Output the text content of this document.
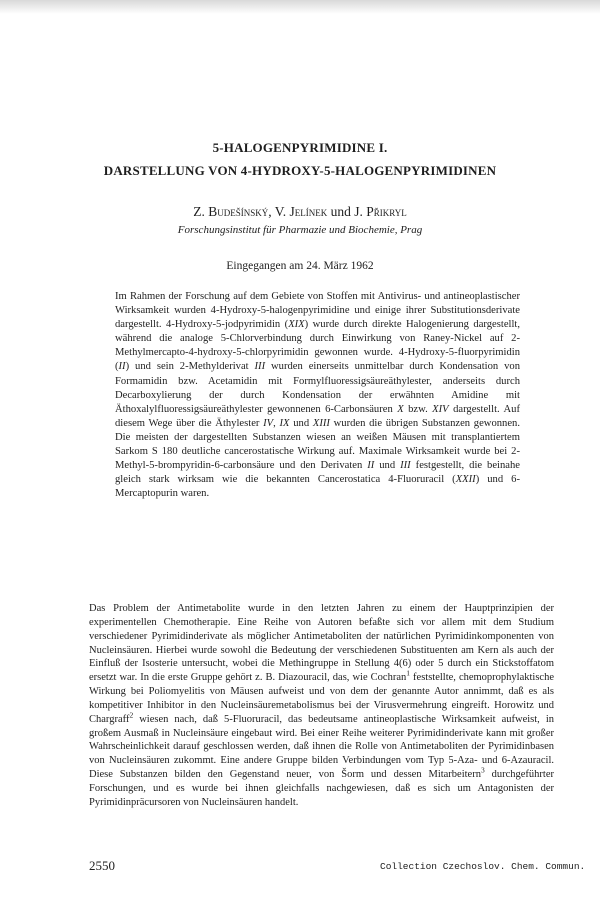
5-HALOGENPYRIMIDINE I.
DARSTELLUNG VON 4-HYDROXY-5-HALOGENPYRIMIDINEN

Z. Budešínský, V. Jelínek und J. Přikryl

Forschungsinstitut für Pharmazie und Biochemie, Prag

Eingegangen am 24. März 1962

Im Rahmen der Forschung auf dem Gebiete von Stoffen mit Antivirus- und antineoplastischer Wirksamkeit wurden 4-Hydroxy-5-halogenpyrimidine und einige ihrer Substitutionsderivate dargestellt. 4-Hydroxy-5-jodpyrimidin (XIX) wurde durch direkte Halogenierung dargestellt, während die analoge 5-Chlorverbindung durch Einwirkung von Raney-Nickel auf 2-Methylmercapto-4-hydroxy-5-chlorpyrimidin gewonnen wurde. 4-Hydroxy-5-fluorpyrimidin (II) und sein 2-Methylderivat III wurden einerseits unmittelbar durch Kondensation von Formamidin bzw. Acetamidin mit Formylfluoressigsäureäthylester, anderseits durch Decarboxylierung der durch Kondensation der erwähnten Amidine mit Äthoxalylfluoressigsäureäthylester gewonnenen 6-Carbonsäuren X bzw. XIV dargestellt. Auf diesem Wege über die Äthylester IV, IX und XIII wurden die übrigen Substanzen gewonnen. Die meisten der dargestellten Substanzen wiesen an weißen Mäusen mit transplantiertem Sarkom S 180 deutliche cancerostatische Wirkung auf. Maximale Wirksamkeit wurde bei 2-Methyl-5-brompyridin-6-carbonsäure und den Derivaten II und III festgestellt, die beinahe gleich stark wirksam wie die bekannten Cancerostatica 4-Fluoruracil (XXII) und 6-Mercaptopurin waren.

Das Problem der Antimetabolite wurde in den letzten Jahren zu einem der Hauptprinzipien der experimentellen Chemotherapie. Eine Reihe von Autoren befaßte sich vor allem mit dem Studium verschiedener Pyrimidinderivate als möglicher Antimetaboliten der natürlichen Pyrimidinkomponenten von Nucleinsäuren. Hierbei wurde sowohl die Bedeutung der verschiedenen Substituenten am Kern als auch der Einfluß der Isosterie untersucht, wobei die Methingruppe in Stellung 4(6) oder 5 durch ein Stickstoffatom ersetzt war. In die erste Gruppe gehört z. B. Diazouracil, das, wie Cochran$^1$ feststellte, chemoprophylaktische Wirkung bei Poliomyelitis von Mäusen aufweist und von dem der genannte Autor annimmt, daß es als kompetitiver Inhibitor in den Nucleinsäuremetabolismus bei der Virusvermehrung eingreift. Horowitz und Chargraff$^2$ wiesen nach, daß 5-Fluoruracil, das bedeutsame antineoplastische Wirksamkeit aufweist, in großem Ausmaß in Nucleinsäure eingebaut wird. Bei einer Reihe weiterer Pyrimidinderivate kann mit großer Wahrscheinlichkeit darauf geschlossen werden, daß ihnen die Rolle von Antimetaboliten der Pyrimidinbasen von Nucleinsäuren zukommt. Eine andere Gruppe bilden Verbindungen vom Typ 5-Aza- und 6-Azauracil. Diese Substanzen bilden den Gegenstand neuer, von Šorm und dessen Mitarbeitern$^3$ durchgeführter Forschungen, und es wurde bei ihnen gleichfalls nachgewiesen, daß es sich um Antagonisten der Pyrimidinpräcursoren von Nucleinsäuren handelt.

2550	Collection Czechoslov. Chem. Commun.
